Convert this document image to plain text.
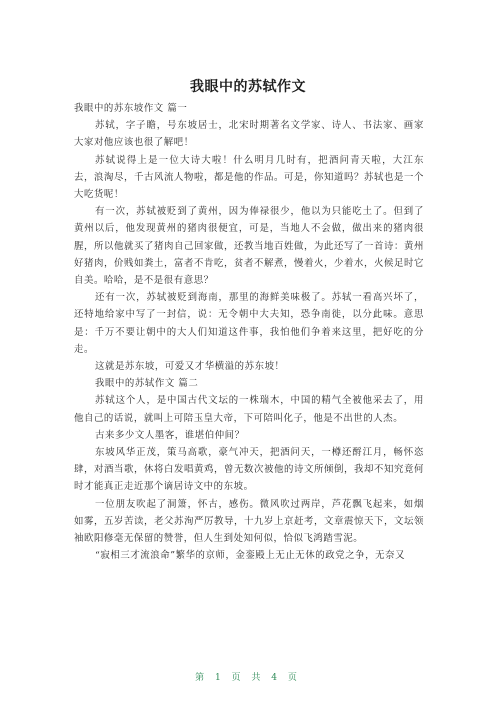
我眼中的苏轼作文

我眼中的苏东坡作文 篇一

苏轼，字子瞻，号东坡居士，北宋时期著名文学家、诗人、书法家、画家大家对他应该也很了解吧！

苏轼说得上是一位大诗大啦！什么明月几时有，把酒问青天啦，大江东去，浪淘尽，千古风流人物啦，都是他的作品。可是，你知道吗？苏轼也是一个大吃货呢！

有一次，苏轼被贬到了黄州，因为俸禄很少，他以为只能吃土了。但到了黄州以后，他发现黄州的猪肉很便宜，可是，当地人不会做，做出来的猪肉很腥，所以他就买了猪肉自己回家做，还教当地百姓做，为此还写了一首诗：黄州好猪肉，价贱如粪土，富者不肯吃，贫者不解煮，慢着火，少着水，火候足时它自美。哈哈，是不是很有意思？

还有一次，苏轼被贬到海南，那里的海鲜美味极了。苏轼一看高兴坏了，还特地给家中写了一封信，说：无令朝中大夫知，恐争南徙，以分此味。意思是：千万不要让朝中的大人们知道这件事，我怕他们争着来这里，把好吃的分走。

这就是苏东坡，可爱又才华横溢的苏东坡！

我眼中的苏轼作文 篇二

苏轼这个人，是中国古代文坛的一株瑞木，中国的精气全被他采去了，用他自己的话说，就叫上可陪玉皇大帝，下可陪叫化子，他是不出世的人杰。

古来多少文人墨客，谁堪伯仲间？

东坡风华正茂，策马高歌，豪气冲天，把酒问天，一樽还酹江月，畅怀恣肆，对酒当歌，休将白发唱黄鸡，曾无数次被他的诗文所倾倒，我却不知究竟何时才能真正走近那个谪居诗文中的东坡。

一位朋友吹起了洞箫，怀古，感伤。微风吹过两岸，芦花飘飞起来，如烟如雾，五岁苦读，老父苏洵严厉教导，十九岁上京赶考，文章震惊天下，文坛领袖欧阳修毫无保留的赞誉，但人生到处知何似，恰似飞鸿踏雪泥。

“寂相三才流浪命”繁华的京师，金銮殿上无止无休的政党之争，无奈又

第 1 页 共 4 页
